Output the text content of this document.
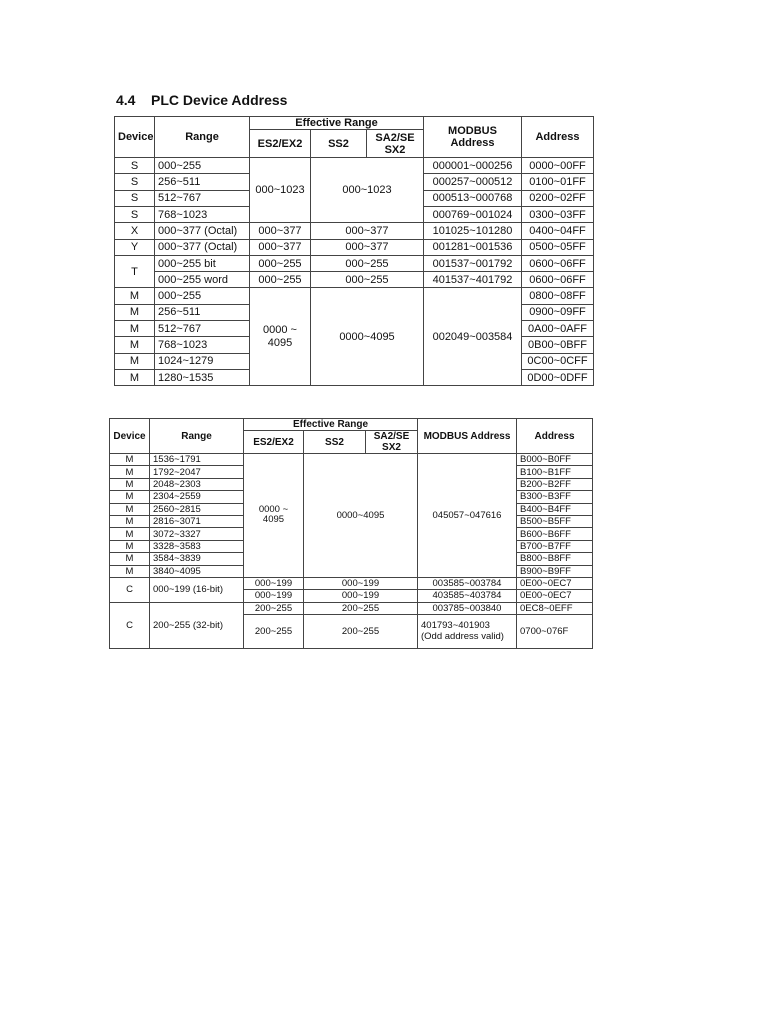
4.4 PLC Device Address
Device	Range	Effective Range			MODBUS Address	Address
		ES2/EX2	SS2	SA2/SE SX2		
S	000~255	000~1023	000~1023		000001~000256	0000~00FF
S	256~511				000257~000512	0100~01FF
S	512~767				000513~000768	0200~02FF
S	768~1023				000769~001024	0300~03FF
X	000~377 (Octal)	000~377	000~377		101025~101280	0400~04FF
Y	000~377 (Octal)	000~377	000~377		001281~001536	0500~05FF
T	000~255 bit	000~255	000~255		001537~001792	0600~06FF
	000~255 word	000~255	000~255		401537~401792	0600~06FF
M	000~255	0000 ~ 4095	0000~4095		002049~003584	0800~08FF
M	256~511					0900~09FF
M	512~767					0A00~0AFF
M	768~1023					0B00~0BFF
M	1024~1279					0C00~0CFF
M	1280~1535					0D00~0DFF
Device	Range	Effective Range			MODBUS Address	Address
		ES2/EX2	SS2	SA2/SE SX2		
M	1536~1791	0000 ~ 4095	0000~4095		045057~047616	B000~B0FF
M	1792~2047					B100~B1FF
M	2048~2303					B200~B2FF
M	2304~2559					B300~B3FF
M	2560~2815					B400~B4FF
M	2816~3071					B500~B5FF
M	3072~3327					B600~B6FF
M	3328~3583					B700~B7FF
M	3584~3839					B800~B8FF
M	3840~4095					B900~B9FF
C	000~199 (16-bit)	000~199	000~199		003585~003784	0E00~0EC7
		000~199	000~199		403585~403784	0E00~0EC7
C	200~255 (32-bit)	200~255	200~255		003785~003840	0EC8~0EFF
		200~255	200~255		401793~401903 (Odd address valid)	0700~076F
